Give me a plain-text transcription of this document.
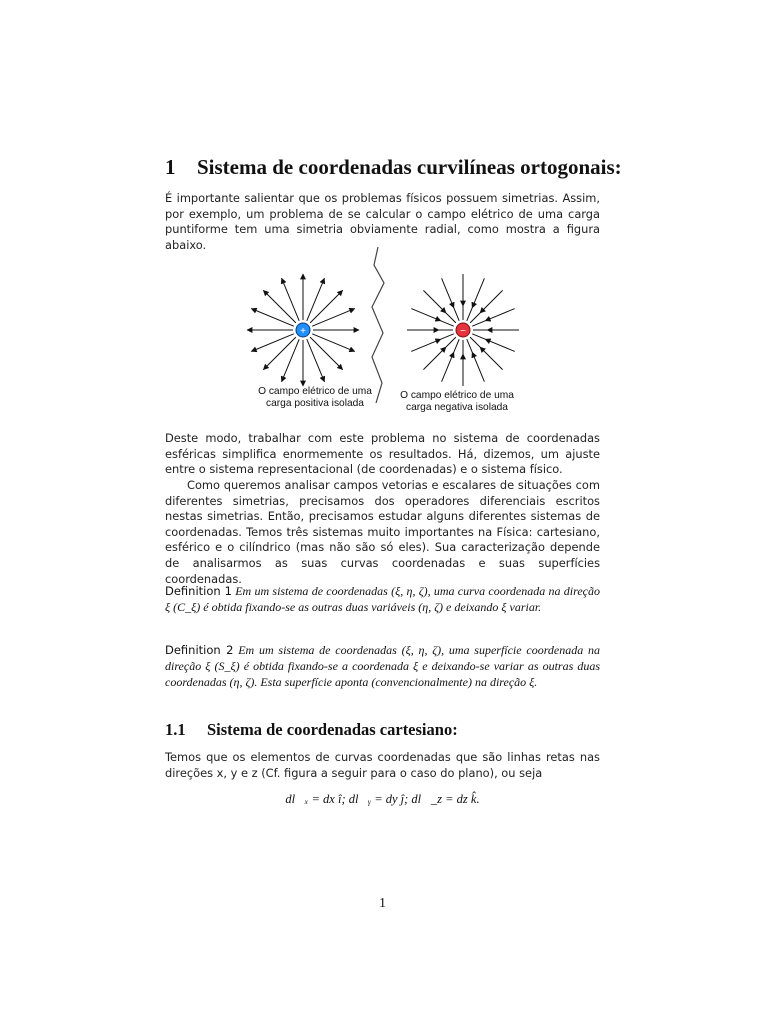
1 Sistema de coordenadas curvilíneas ortogonais:
É importante salientar que os problemas físicos possuem simetrias. Assim, por exemplo, um problema de se calcular o campo elétrico de uma carga puntiforme tem uma simetria obviamente radial, como mostra a figura abaixo.
+	−
O campo elétrico de uma
carga positiva isolada
O campo elétrico de uma
carga negativa isolada
Deste modo, trabalhar com este problema no sistema de coordenadas esféricas simplifica enormemente os resultados. Há, dizemos, um ajuste entre o sistema representacional (de coordenadas) e o sistema físico.
Como queremos analisar campos vetorias e escalares de situações com diferentes simetrias, precisamos dos operadores diferenciais escritos nestas simetrias. Então, precisamos estudar alguns diferentes sistemas de coordenadas. Temos três sistemas muito importantes na Física: cartesiano, esférico e o cilíndrico (mas não são só eles). Sua caracterização depende de analisarmos as suas curvas coordenadas e suas superfícies coordenadas.
Definition 1 Em um sistema de coordenadas (ξ, η, ζ), uma curva coordenada na direção ξ (C_ξ) é obtida fixando-se as outras duas variáveis (η, ζ) e deixando ξ variar.
Definition 2 Em um sistema de coordenadas (ξ, η, ζ), uma superfície coordenada na direção ξ (S_ξ) é obtida fixando-se a coordenada ξ e deixando-se variar as outras duas coordenadas (η, ζ). Esta superfície aponta (convencionalmente) na direção ξ.
1.1 Sistema de coordenadas cartesiano:
Temos que os elementos de curvas coordenadas que são linhas retas nas direções x, y e z (Cf. figura a seguir para o caso do plano), ou seja
dl⃗ₓ = dx î; dl⃗ᵧ = dy ĵ; dl⃗_z = dz k̂.
1
